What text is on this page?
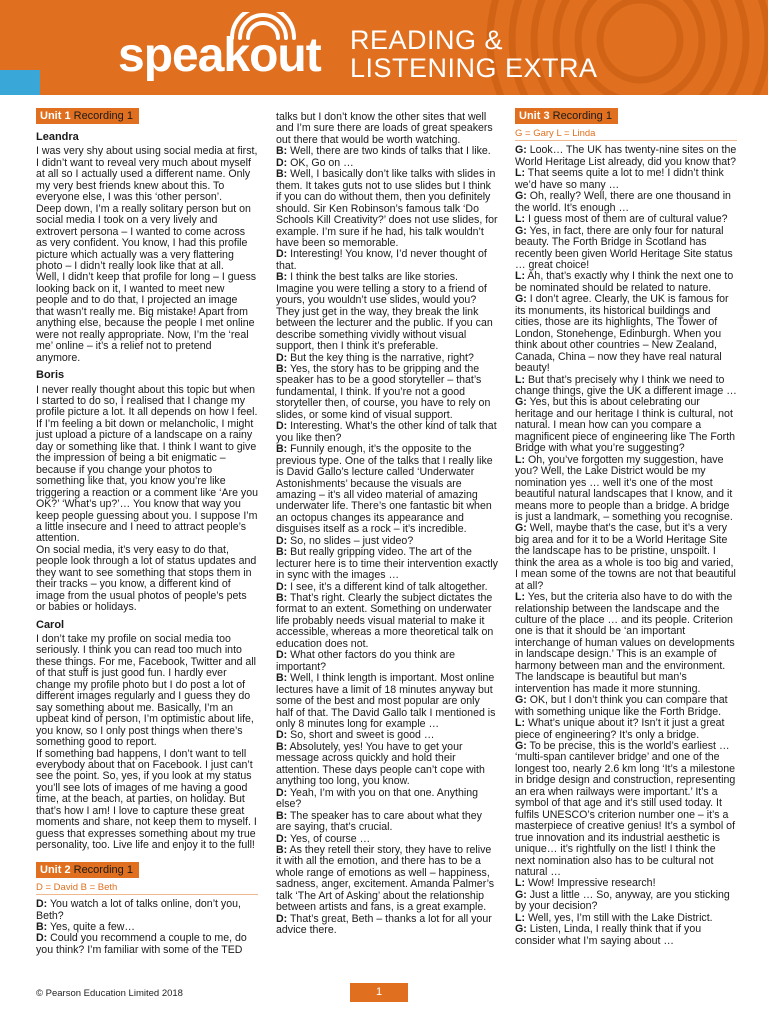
speakout READING &
LISTENING EXTRA
Unit 1 Recording 1
Leandra

I was very shy about using social media at first, I didn’t want to reveal very much about myself at all so I actually used a different name. Only my very best friends knew about this. To everyone else, I was this ‘other person’.

Deep down, I’m a really solitary person but on social media I took on a very lively and extrovert persona – I wanted to come across as very confident. You know, I had this profile picture which actually was a very flattering photo – I didn’t really look like that at all.

Well, I didn’t keep that profile for long – I guess looking back on it, I wanted to meet new people and to do that, I projected an image that wasn’t really me. Big mistake! Apart from anything else, because the people I met online were not really appropriate. Now, I’m the ‘real me’ online – it’s a relief not to pretend anymore.

Boris

I never really thought about this topic but when I started to do so, I realised that I change my profile picture a lot. It all depends on how I feel. If I’m feeling a bit down or melancholic, I might just upload a picture of a landscape on a rainy day or something like that. I think I want to give the impression of being a bit enigmatic – because if you change your photos to something like that, you know you’re like triggering a reaction or a comment like ‘Are you OK?’ ‘What’s up?’… You know that way you keep people guessing about you. I suppose I’m a little insecure and I need to attract people’s attention.

On social media, it’s very easy to do that, people look through a lot of status updates and they want to see something that stops them in their tracks – you know, a different kind of image from the usual photos of people’s pets or babies or holidays.

Carol

I don’t take my profile on social media too seriously. I think you can read too much into these things. For me, Facebook, Twitter and all of that stuff is just good fun. I hardly ever change my profile photo but I do post a lot of different images regularly and I guess they do say something about me. Basically, I’m an upbeat kind of person, I’m optimistic about life, you know, so I only post things when there’s something good to report.

If something bad happens, I don’t want to tell everybody about that on Facebook. I just can’t see the point. So, yes, if you look at my status you’ll see lots of images of me having a good time, at the beach, at parties, on holiday. But that’s how I am! I love to capture these great moments and share, not keep them to myself. I guess that expresses something about my true personality, too. Live life and enjoy it to the full!

Unit 2 Recording 1
D = David B = Beth

D: You watch a lot of talks online, don’t you, Beth?

B: Yes, quite a few…

D: Could you recommend a couple to me, do you think? I’m familiar with some of the TED

talks but I don’t know the other sites that well and I’m sure there are loads of great speakers out there that would be worth watching.

B: Well, there are two kinds of talks that I like.

D: OK, Go on …

B: Well, I basically don’t like talks with slides in them. It takes guts not to use slides but I think if you can do without them, then you definitely should. Sir Ken Robinson’s famous talk ‘Do Schools Kill Creativity?’ does not use slides, for example. I’m sure if he had, his talk wouldn’t have been so memorable.

D: Interesting! You know, I’d never thought of that.

B: I think the best talks are like stories. Imagine you were telling a story to a friend of yours, you wouldn’t use slides, would you? They just get in the way, they break the link between the lecturer and the public. If you can describe something vividly without visual support, then I think it’s preferable.

D: But the key thing is the narrative, right?

B: Yes, the story has to be gripping and the speaker has to be a good storyteller – that’s fundamental, I think. If you’re not a good storyteller then, of course, you have to rely on slides, or some kind of visual support.

D: Interesting. What’s the other kind of talk that you like then?

B: Funnily enough, it’s the opposite to the previous type. One of the talks that I really like is David Gallo’s lecture called ‘Underwater Astonishments’ because the visuals are amazing – it’s all video material of amazing underwater life. There’s one fantastic bit when an octopus changes its appearance and disguises itself as a rock – it’s incredible.

D: So, no slides – just video?

B: But really gripping video. The art of the lecturer here is to time their intervention exactly in sync with the images …

D: I see, it’s a different kind of talk altogether.

B: That’s right. Clearly the subject dictates the format to an extent. Something on underwater life probably needs visual material to make it accessible, whereas a more theoretical talk on education does not.

D: What other factors do you think are important?

B: Well, I think length is important. Most online lectures have a limit of 18 minutes anyway but some of the best and most popular are only half of that. The David Gallo talk I mentioned is only 8 minutes long for example …

D: So, short and sweet is good …

B: Absolutely, yes! You have to get your message across quickly and hold their attention. These days people can’t cope with anything too long, you know.

D: Yeah, I’m with you on that one. Anything else?

B: The speaker has to care about what they are saying, that’s crucial.

D: Yes, of course …

B: As they retell their story, they have to relive it with all the emotion, and there has to be a whole range of emotions as well – happiness, sadness, anger, excitement. Amanda Palmer’s talk ‘The Art of Asking’ about the relationship between artists and fans, is a great example.

D: That’s great, Beth – thanks a lot for all your advice there.

Unit 3 Recording 1
G = Gary L = Linda

G: Look… The UK has twenty-nine sites on the World Heritage List already, did you know that?

L: That seems quite a lot to me! I didn’t think we’d have so many …

G: Oh, really? Well, there are one thousand in the world. It’s enough …

L: I guess most of them are of cultural value?

G: Yes, in fact, there are only four for natural beauty. The Forth Bridge in Scotland has recently been given World Heritage Site status … great choice!

L: Ah, that’s exactly why I think the next one to be nominated should be related to nature.

G: I don’t agree. Clearly, the UK is famous for its monuments, its historical buildings and cities, those are its highlights, The Tower of London, Stonehenge, Edinburgh. When you think about other countries – New Zealand, Canada, China – now they have real natural beauty!

L: But that’s precisely why I think we need to change things, give the UK a different image …

G: Yes, but this is about celebrating our heritage and our heritage I think is cultural, not natural. I mean how can you compare a magnificent piece of engineering like The Forth Bridge with what you’re suggesting?

L: Oh, you’ve forgotten my suggestion, have you? Well, the Lake District would be my nomination yes … well it’s one of the most beautiful natural landscapes that I know, and it means more to people than a bridge. A bridge is just a landmark, – something you recognise.

G: Well, maybe that’s the case, but it’s a very big area and for it to be a World Heritage Site the landscape has to be pristine, unspoilt. I think the area as a whole is too big and varied, I mean some of the towns are not that beautiful at all?

L: Yes, but the criteria also have to do with the relationship between the landscape and the culture of the place … and its people. Criterion one is that it should be ‘an important interchange of human values on developments in landscape design.’ This is an example of harmony between man and the environment. The landscape is beautiful but man’s intervention has made it more stunning.

G: OK, but I don’t think you can compare that with something unique like the Forth Bridge.

L: What’s unique about it? Isn’t it just a great piece of engineering? It’s only a bridge.

G: To be precise, this is the world’s earliest … ‘multi-span cantilever bridge’ and one of the longest too, nearly 2.6 km long ‘It’s a milestone in bridge design and construction, representing an era when railways were important.’ It’s a symbol of that age and it’s still used today. It fulfils UNESCO’s criterion number one – it’s a masterpiece of creative genius! It’s a symbol of true innovation and its industrial aesthetic is unique… it’s rightfully on the list! I think the next nomination also has to be cultural not natural …

L: Wow! Impressive research!

G: Just a little … So, anyway, are you sticking by your decision?

L: Well, yes, I’m still with the Lake District.

G: Listen, Linda, I really think that if you consider what I’m saying about …

© Pearson Education Limited 2018	1
